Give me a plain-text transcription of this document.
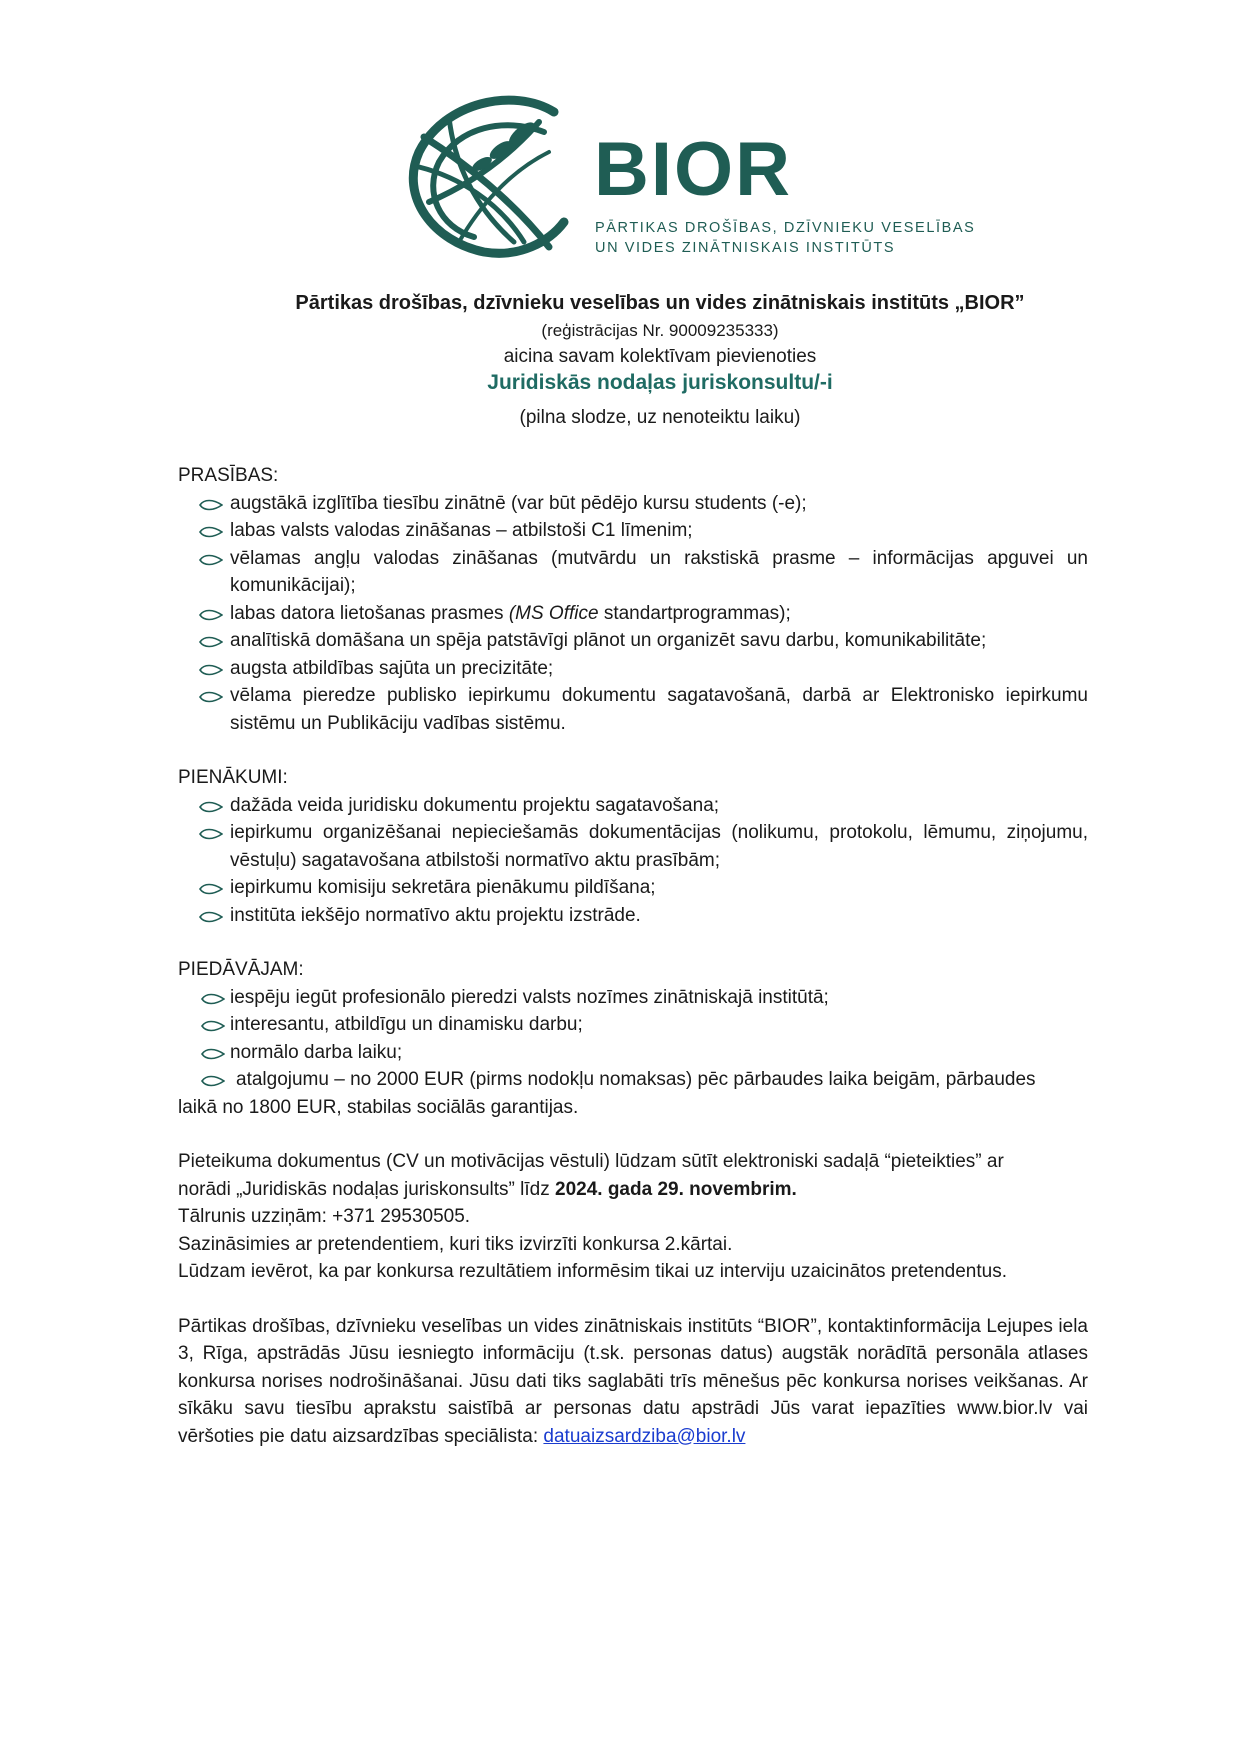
BIOR
PĀRTIKAS DROŠĪBAS, DZĪVNIEKU VESELĪBAS
UN VIDES ZINĀTNISKAIS INSTITŪTS
Pārtikas drošības, dzīvnieku veselības un vides zinātniskais institūts „BIOR”
(reģistrācijas Nr. 90009235333)
aicina savam kolektīvam pievienoties
Juridiskās nodaļas juriskonsultu/-i
(pilna slodze, uz nenoteiktu laiku)

PRASĪBAS:

augstākā izglītība tiesību zinātnē (var būt pēdējo kursu students (-e);
labas valsts valodas zināšanas – atbilstoši C1 līmenim;
vēlamas angļu valodas zināšanas (mutvārdu un rakstiskā prasme – informācijas apguvei un komunikācijai);
labas datora lietošanas prasmes (MS Office standartprogrammas);
analītiskā domāšana un spēja patstāvīgi plānot un organizēt savu darbu, komunikabilitāte;
augsta atbildības sajūta un precizitāte;
vēlama pieredze publisko iepirkumu dokumentu sagatavošanā, darbā ar Elektronisko iepirkumu sistēmu un Publikāciju vadības sistēmu.

PIENĀKUMI:

dažāda veida juridisku dokumentu projektu sagatavošana;
iepirkumu organizēšanai nepieciešamās dokumentācijas (nolikumu, protokolu, lēmumu, ziņojumu, vēstuļu) sagatavošana atbilstoši normatīvo aktu prasībām;
iepirkumu komisiju sekretāra pienākumu pildīšana;
institūta iekšējo normatīvo aktu projektu izstrāde.

PIEDĀVĀJAM:

iespēju iegūt profesionālo pieredzi valsts nozīmes zinātniskajā institūtā;
interesantu, atbildīgu un dinamisku darbu;
normālo darba laiku;
atalgojumu – no 2000 EUR (pirms nodokļu nomaksas) pēc pārbaudes laika beigām, pārbaudes

laikā no 1800 EUR, stabilas sociālās garantijas.

Pieteikuma dokumentus (CV un motivācijas vēstuli) lūdzam sūtīt elektroniski sadaļā “pieteikties” ar

norādi „Juridiskās nodaļas juriskonsults” līdz 2024. gada 29. novembrim.

Tālrunis uzziņām: +371 29530505.

Sazināsimies ar pretendentiem, kuri tiks izvirzīti konkursa 2.kārtai.

Lūdzam ievērot, ka par konkursa rezultātiem informēsim tikai uz interviju uzaicinātos pretendentus.

Pārtikas drošības, dzīvnieku veselības un vides zinātniskais institūts “BIOR”, kontaktinformācija Lejupes iela 3, Rīga, apstrādās Jūsu iesniegto informāciju (t.sk. personas datus) augstāk norādītā personāla atlases konkursa norises nodrošināšanai. Jūsu dati tiks saglabāti trīs mēnešus pēc konkursa norises veikšanas. Ar sīkāku savu tiesību aprakstu saistībā ar personas datu apstrādi Jūs varat iepazīties www.bior.lv vai vēršoties pie datu aizsardzības speciālista: datuaizsardziba@bior.lv
